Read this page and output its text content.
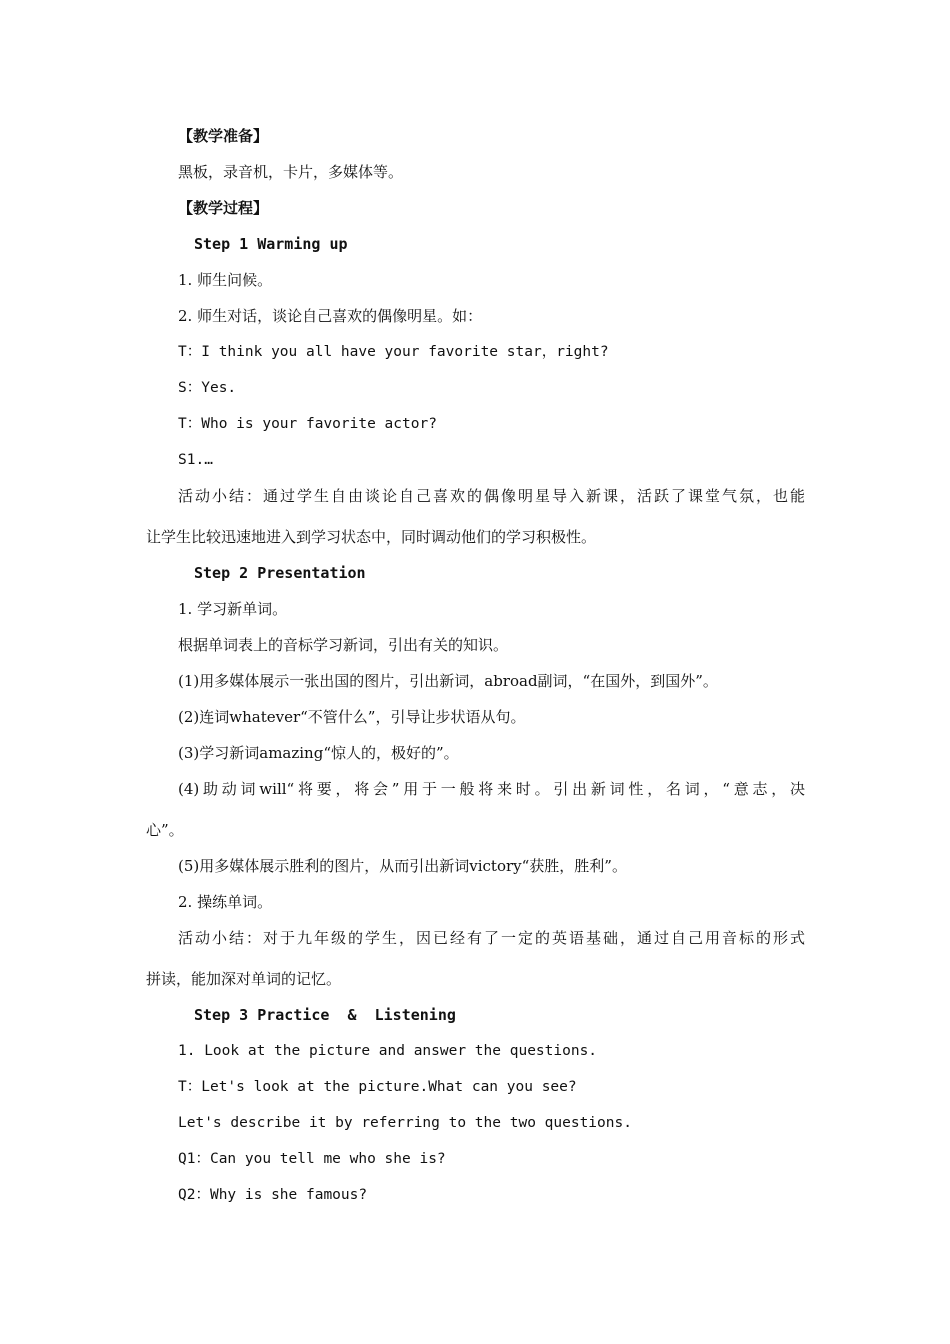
【教学准备】
黑板，录音机，卡片，多媒体等。
【教学过程】
Step 1 Warming up
1. 师生问候。
2. 师生对话，谈论自己喜欢的偶像明星。如：
T：I think you all have your favorite star，right?
S：Yes.
T：Who is your favorite actor?
S1.…
活动小结：通过学生自由谈论自己喜欢的偶像明星导入新课，活跃了课堂气氛，也能
让学生比较迅速地进入到学习状态中，同时调动他们的学习积极性。
Step 2 Presentation
1. 学习新单词。
根据单词表上的音标学习新词，引出有关的知识。
(1)用多媒体展示一张出国的图片，引出新词，abroad副词，“在国外，到国外”。
(2)连词whatever“不管什么”，引导让步状语从句。
(3)学习新词amazing“惊人的，极好的”。
(4)助动词will“将要，将会”用于一般将来时。引出新词性，名词，“意志，决
心”。
(5)用多媒体展示胜利的图片，从而引出新词victory“获胜，胜利”。
2. 操练单词。
活动小结：对于九年级的学生，因已经有了一定的英语基础，通过自己用音标的形式
拼读，能加深对单词的记忆。
Step 3 Practice  &  Listening
1. Look at the picture and answer the questions.
T：Let's look at the picture.What can you see?
Let's describe it by referring to the two questions.
Q1：Can you tell me who she is?
Q2：Why is she famous?
